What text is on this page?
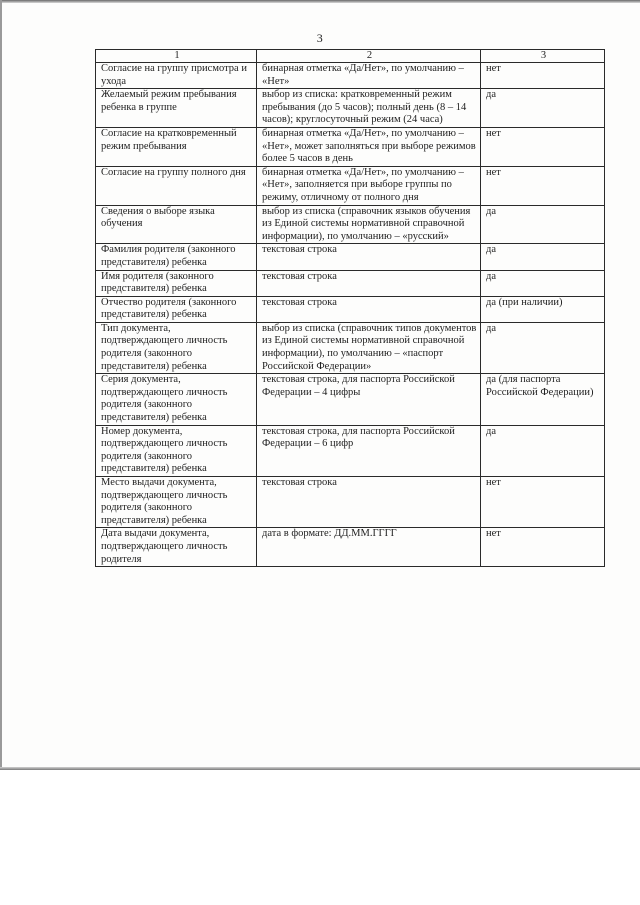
3
1	2	3
Согласие на группу присмотра и ухода	бинарная отметка «Да/Нет», по умолчанию – «Нет»	нет
Желаемый режим пребывания ребенка в группе	выбор из списка: кратковременный режим пребывания (до 5 часов); полный день (8 – 14 часов); круглосуточный режим (24 часа)	да
Согласие на кратковременный режим пребывания	бинарная отметка «Да/Нет», по умолчанию – «Нет», может заполняться при выборе режимов более 5 часов в день	нет
Согласие на группу полного дня	бинарная отметка «Да/Нет», по умолчанию – «Нет», заполняется при выборе группы по режиму, отличному от полного дня	нет
Сведения о выборе языка обучения	выбор из списка (справочник языков обучения из Единой системы нормативной справочной информации), по умолчанию – «русский»	да
Фамилия родителя (законного представителя) ребенка	текстовая строка	да
Имя родителя (законного представителя) ребенка	текстовая строка	да
Отчество родителя (законного представителя) ребенка	текстовая строка	да (при наличии)
Тип документа, подтверждающего личность родителя (законного представителя) ребенка	выбор из списка (справочник типов документов из Единой системы нормативной справочной информации), по умолчанию – «паспорт Российской Федерации»	да
Серия документа, подтверждающего личность родителя (законного представителя) ребенка	текстовая строка, для паспорта Российской Федерации – 4 цифры	да (для паспорта Российской Федерации)
Номер документа, подтверждающего личность родителя (законного представителя) ребенка	текстовая строка, для паспорта Российской Федерации – 6 цифр	да
Место выдачи документа, подтверждающего личность родителя (законного представителя) ребенка	текстовая строка	нет
Дата выдачи документа, подтверждающего личность родителя	дата в формате: ДД.ММ.ГГГГ	нет
